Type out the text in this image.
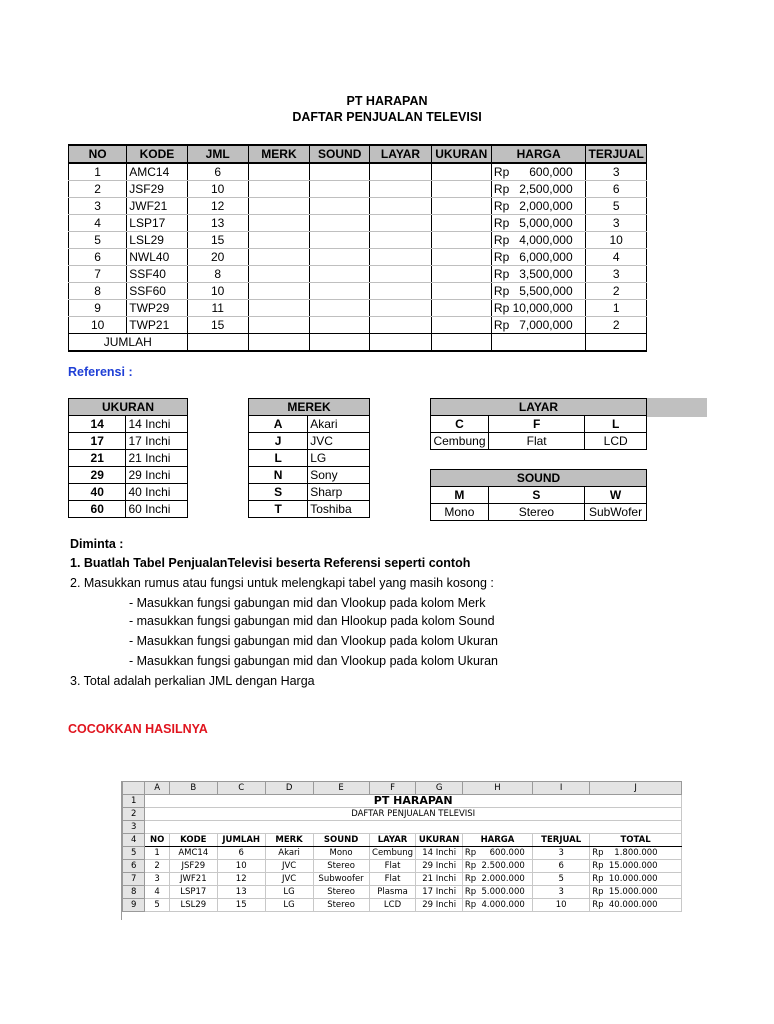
PT HARAPAN
DAFTAR PENJUALAN TELEVISI
NO	KODE	JML	MERK	SOUND	LAYAR	UKURAN	HARGA	TERJUAL
1	AMC14	6					Rp      600,000	3
2	JSF29	10					Rp   2,500,000	6
3	JWF21	12					Rp   2,000,000	5
4	LSP17	13					Rp   5,000,000	3
5	LSL29	15					Rp   4,000,000	10
6	NWL40	20					Rp   6,000,000	4
7	SSF40	8					Rp   3,500,000	3
8	SSF60	10					Rp   5,500,000	2
9	TWP29	11					Rp 10,000,000	1
10	TWP21	15					Rp   7,000,000	2
JUMLAH								
Referensi :
UKURAN	
14	14 Inchi
17	17 Inchi
21	21 Inchi
29	29 Inchi
40	40 Inchi
60	60 Inchi
MEREK	
A	Akari
J	JVC
L	LG
N	Sony
S	Sharp
T	Toshiba
LAYAR		
C	F	L
Cembung	Flat	LCD
SOUND		
M	S	W
Mono	Stereo	SubWofer
Diminta :
1. Buatlah Tabel PenjualanTelevisi beserta Referensi seperti contoh
2. Masukkan rumus atau fungsi untuk melengkapi tabel yang masih kosong :
- Masukkan fungsi gabungan mid dan Vlookup pada kolom Merk
- masukkan fungsi gabungan mid dan Hlookup pada kolom Sound
- Masukkan fungsi gabungan mid dan Vlookup pada kolom Ukuran
- Masukkan fungsi gabungan mid dan Vlookup pada kolom Ukuran
3. Total adalah perkalian JML dengan Harga
COCOKKAN HASILNYA
	A	B	C	D	E	F	G	H	I	J
1	PT HARAPAN									
2	DAFTAR PENJUALAN TELEVISI									
3										
4	NO	KODE	JUMLAH	MERK	SOUND	LAYAR	UKURAN	HARGA	TERJUAL	TOTAL
5	1	AMC14	6	Akari	Mono	Cembung	14 Inchi	Rp     600.000	3	Rp    1.800.000
6	2	JSF29	10	JVC	Stereo	Flat	29 Inchi	Rp  2.500.000	6	Rp  15.000.000
7	3	JWF21	12	JVC	Subwoofer	Flat	21 Inchi	Rp  2.000.000	5	Rp  10.000.000
8	4	LSP17	13	LG	Stereo	Plasma	17 Inchi	Rp  5.000.000	3	Rp  15.000.000
9	5	LSL29	15	LG	Stereo	LCD	29 Inchi	Rp  4.000.000	10	Rp  40.000.000
